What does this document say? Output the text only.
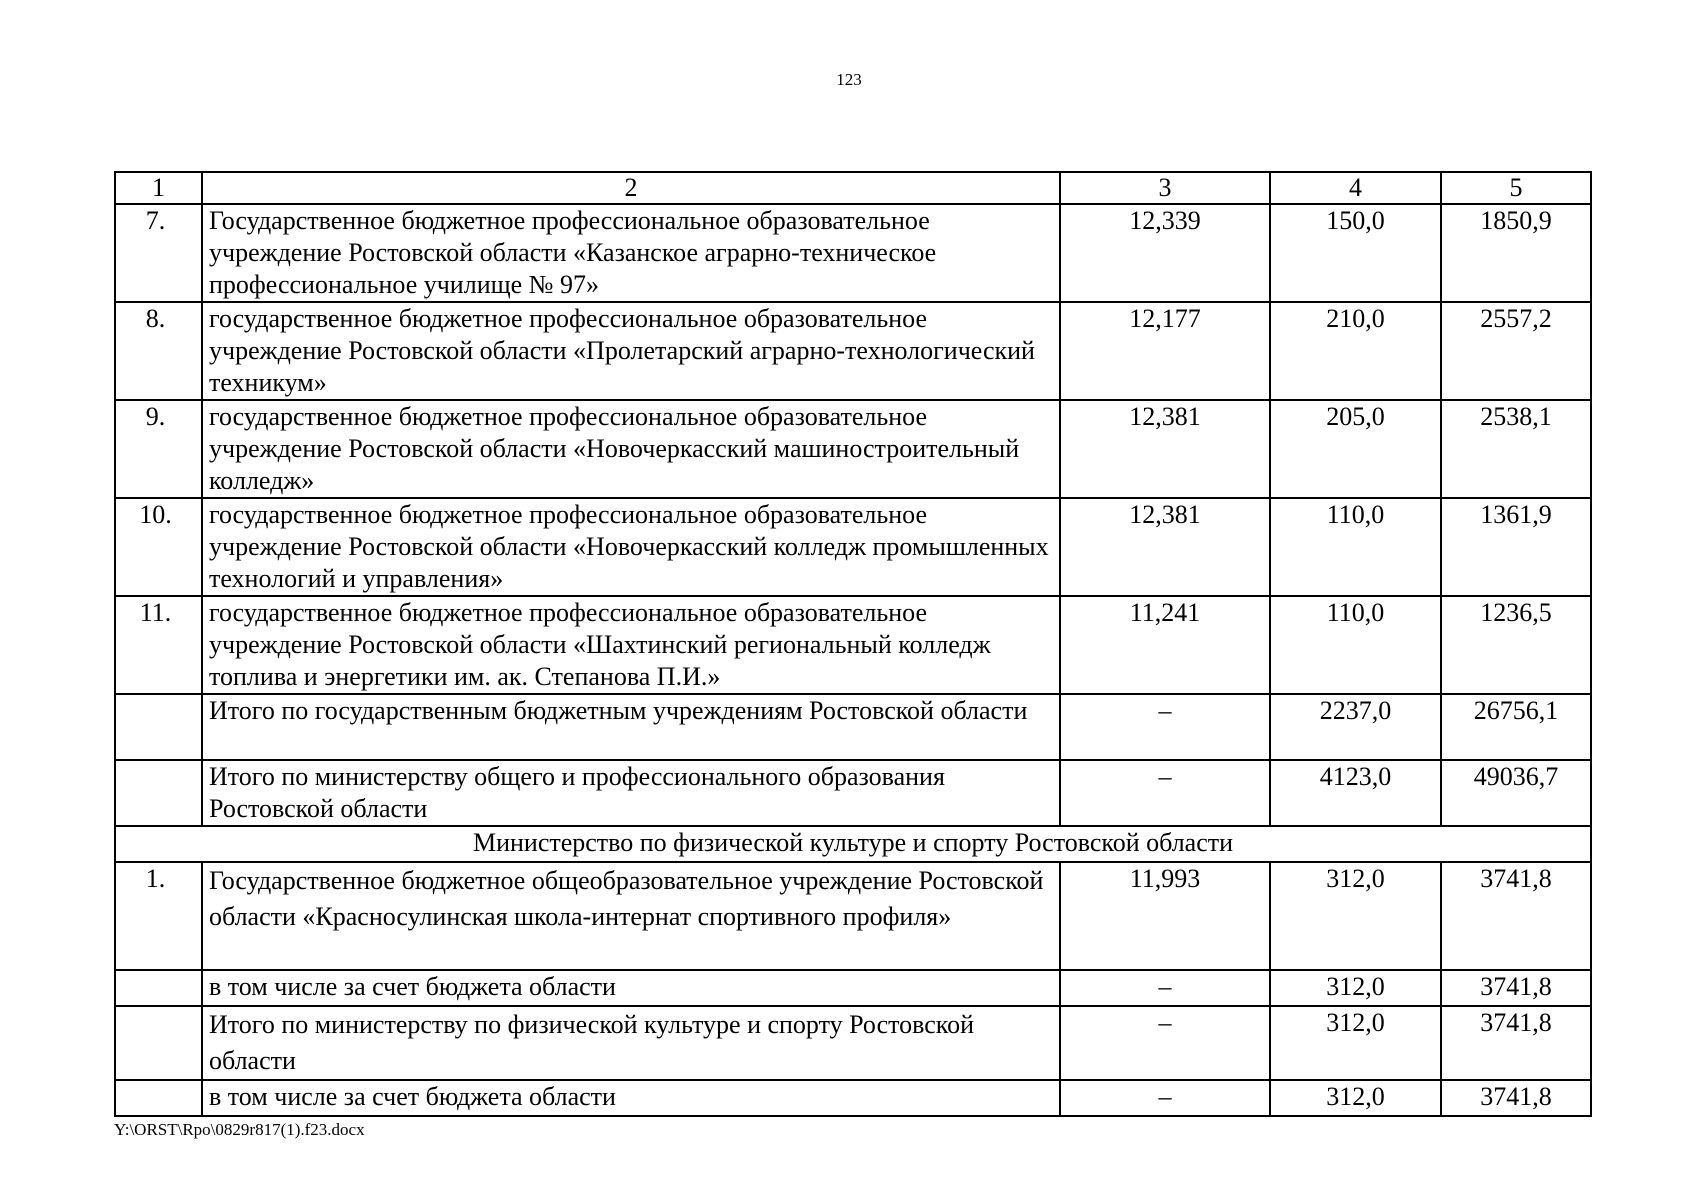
123
1	2	3	4	5
7.	Государственное бюджетное профессиональное образовательное учреждение Ростовской области «Казанское аграрно-техническое профессиональное училище № 97»	12,339	150,0	1850,9
8.	государственное бюджетное профессиональное образовательное учреждение Ростовской области «Пролетарский аграрно-технологический техникум»	12,177	210,0	2557,2
9.	государственное бюджетное профессиональное образовательное учреждение Ростовской области «Новочеркасский машиностроительный колледж»	12,381	205,0	2538,1
10.	государственное бюджетное профессиональное образовательное учреждение Ростовской области «Новочеркасский колледж промышленных технологий и управления»	12,381	110,0	1361,9
11.	государственное бюджетное профессиональное образовательное учреждение Ростовской области «Шахтинский региональный колледж топлива и энергетики им. ак. Степанова П.И.»	11,241	110,0	1236,5
	Итого по государственным бюджетным учреждениям Ростовской области	–	2237,0	26756,1
	Итого по министерству общего и профессионального образования Ростовской области	–	4123,0	49036,7
Министерство по физической культуре и спорту Ростовской области				
1.	Государственное бюджетное общеобразовательное учреждение Ростовской области «Красносулинская школа-интернат спортивного профиля»	11,993	312,0	3741,8
	в том числе за счет бюджета области	–	312,0	3741,8
	Итого по министерству по физической культуре и спорту Ростовской области	–	312,0	3741,8
	в том числе за счет бюджета области	–	312,0	3741,8
Y:\ORST\Rpo\0829r817(1).f23.docx
